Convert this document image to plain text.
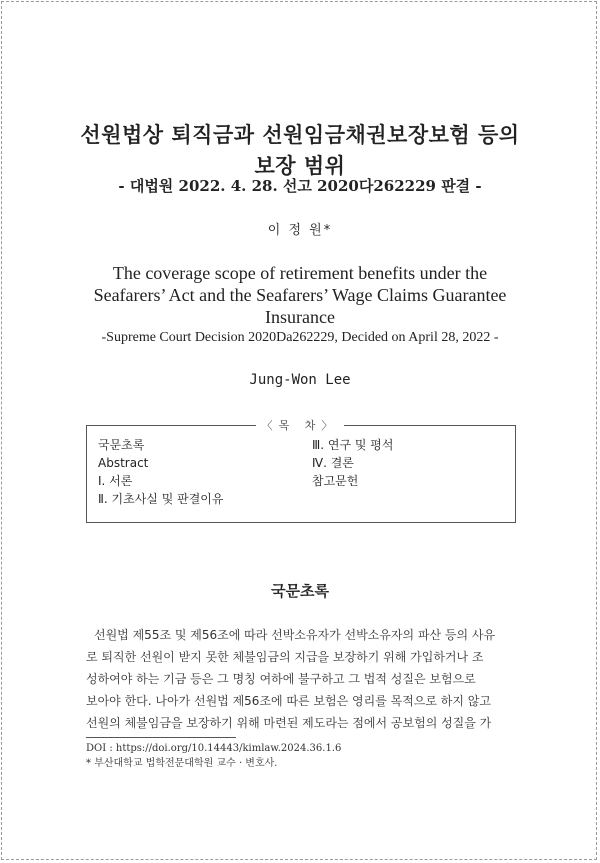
선원법상 퇴직금과 선원임금채권보장보험 등의
보장 범위
- 대법원 2022. 4. 28. 선고 2020다262229 판결 -
이 정 원*
The coverage scope of retirement benefits under the
Seafarers’ Act and the Seafarers’ Wage Claims Guarantee
Insurance
-Supreme Court Decision 2020Da262229, Decided on April 28, 2022 -
Jung-Won Lee
〈목 차〉
국문초록
Abstract
Ⅰ. 서론
Ⅱ. 기초사실 및 판결이유
Ⅲ. 연구 및 평석
Ⅳ. 결론
참고문헌
국문초록
선원법 제55조 및 제56조에 따라 선박소유자가 선박소유자의 파산 등의 사유
로 퇴직한 선원이 받지 못한 체불임금의 지급을 보장하기 위해 가입하거나 조
성하여야 하는 기금 등은 그 명칭 여하에 불구하고 그 법적 성질은 보험으로
보아야 한다. 나아가 선원법 제56조에 따른 보험은 영리를 목적으로 하지 않고
선원의 체불임금을 보장하기 위해 마련된 제도라는 점에서 공보험의 성질을 가
DOI : https://doi.org/10.14443/kimlaw.2024.36.1.6
* 부산대학교 법학전문대학원 교수 · 변호사.
